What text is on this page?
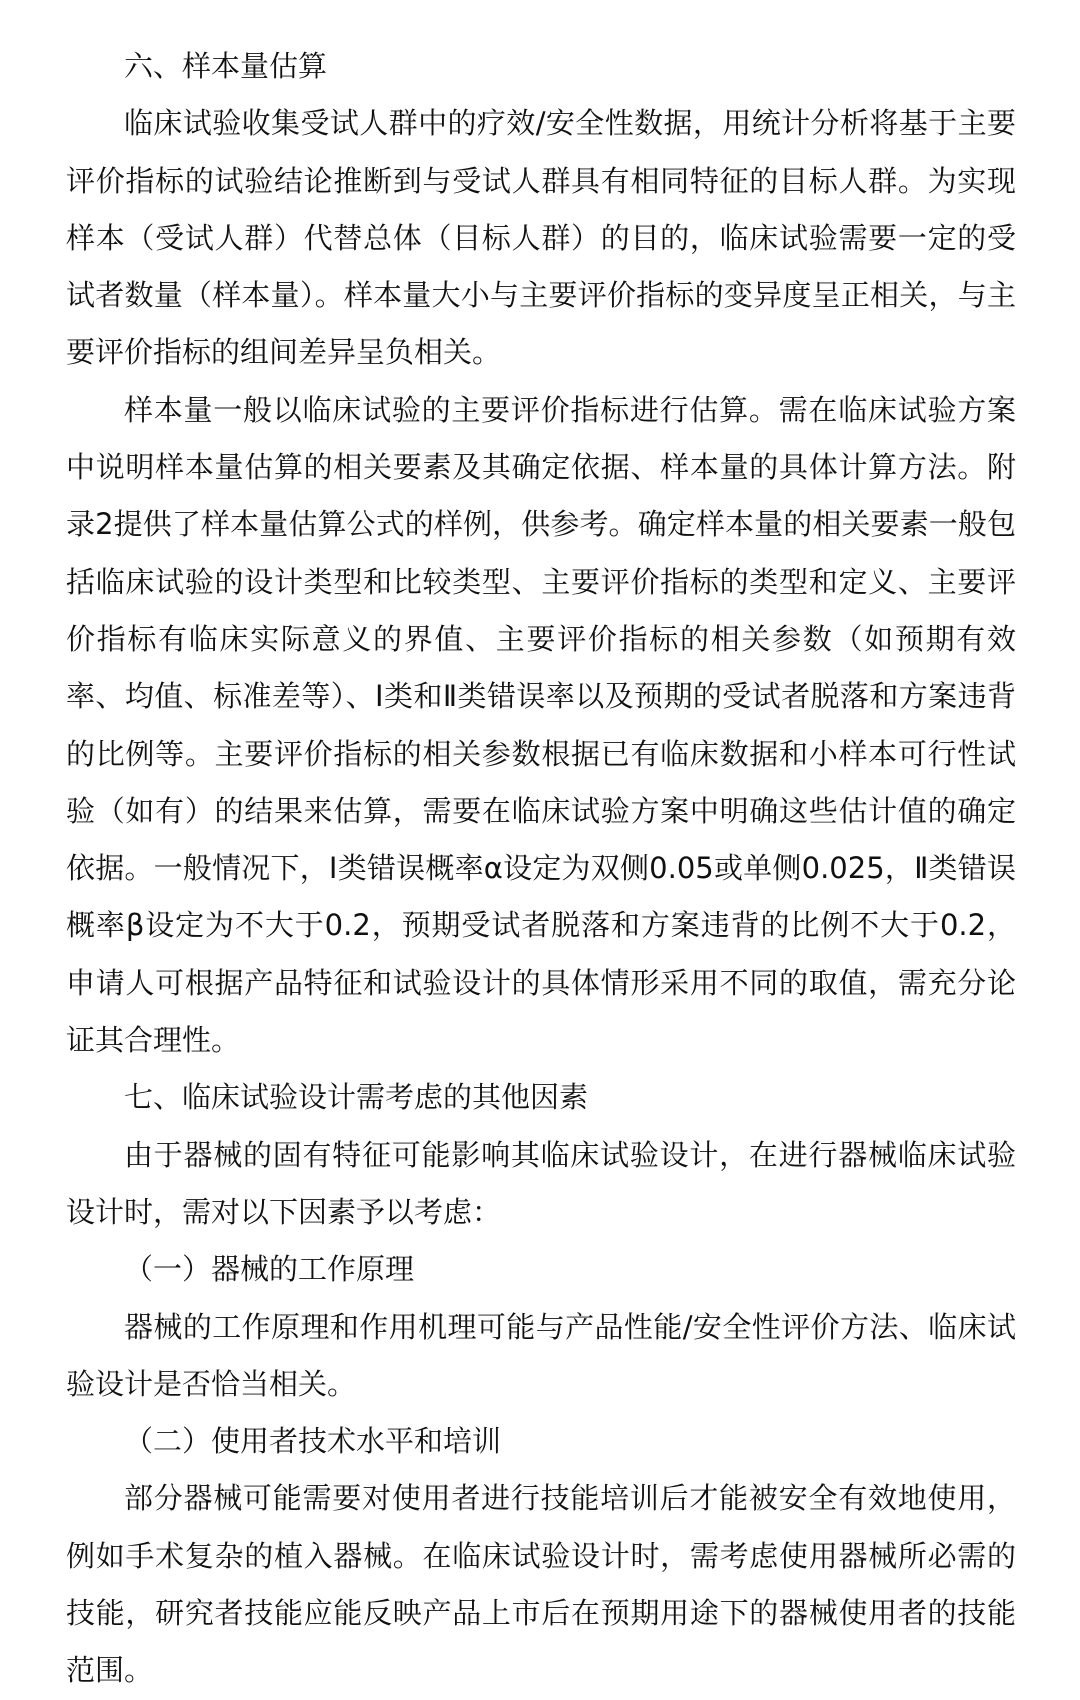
六、样本量估算

临床试验收集受试人群中的疗效/安全性数据，用统计分析将基于主要评价指标的试验结论推断到与受试人群具有相同特征的目标人群。为实现样本（受试人群）代替总体（目标人群）的目的，临床试验需要一定的受试者数量（样本量）。样本量大小与主要评价指标的变异度呈正相关，与主要评价指标的组间差异呈负相关。

样本量一般以临床试验的主要评价指标进行估算。需在临床试验方案中说明样本量估算的相关要素及其确定依据、样本量的具体计算方法。附录2提供了样本量估算公式的样例，供参考。确定样本量的相关要素一般包括临床试验的设计类型和比较类型、主要评价指标的类型和定义、主要评价指标有临床实际意义的界值、主要评价指标的相关参数（如预期有效率、均值、标准差等）、Ⅰ类和Ⅱ类错误率以及预期的受试者脱落和方案违背的比例等。主要评价指标的相关参数根据已有临床数据和小样本可行性试验（如有）的结果来估算，需要在临床试验方案中明确这些估计值的确定依据。一般情况下，Ⅰ类错误概率α设定为双侧0.05或单侧0.025，Ⅱ类错误概率β设定为不大于0.2，预期受试者脱落和方案违背的比例不大于0.2，申请人可根据产品特征和试验设计的具体情形采用不同的取值，需充分论证其合理性。

七、临床试验设计需考虑的其他因素

由于器械的固有特征可能影响其临床试验设计，在进行器械临床试验设计时，需对以下因素予以考虑：

（一）器械的工作原理

器械的工作原理和作用机理可能与产品性能/安全性评价方法、临床试验设计是否恰当相关。

（二）使用者技术水平和培训

部分器械可能需要对使用者进行技能培训后才能被安全有效地使用，例如手术复杂的植入器械。在临床试验设计时，需考虑使用器械所必需的技能，研究者技能应能反映产品上市后在预期用途下的器械使用者的技能范围。
